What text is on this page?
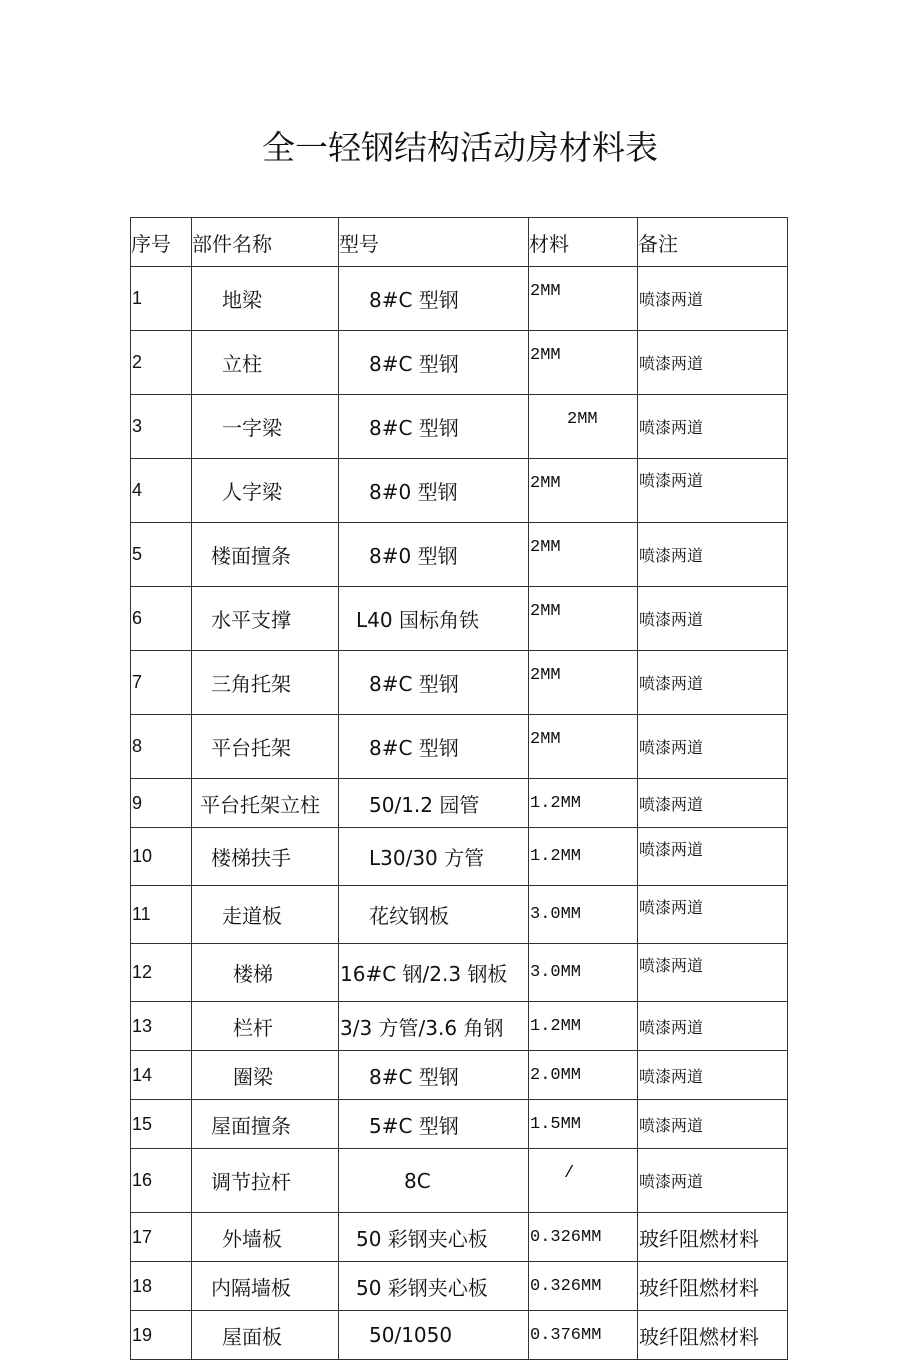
全一轻钢结构活动房材料表
序号	部件名称	型号	材料	备注
1	地梁	8#C 型钢	2MM	喷漆两道
2	立柱	8#C 型钢	2MM	喷漆两道
3	一字梁	8#C 型钢	2MM	喷漆两道
4	人字梁	8#0 型钢	2MM	喷漆两道
5	楼面擅条	8#0 型钢	2MM	喷漆两道
6	水平支撑	L40 国标角铁	2MM	喷漆两道
7	三角托架	8#C 型钢	2MM	喷漆两道
8	平台托架	8#C 型钢	2MM	喷漆两道
9	平台托架立柱	50/1.2 园管	1.2MM	喷漆两道
10	楼梯扶手	L30/30 方管	1.2MM	喷漆两道
11	走道板	花纹钢板	3.0MM	喷漆两道
12	楼梯	16#C 钢/2.3 钢板	3.0MM	喷漆两道
13	栏杆	3/3 方管/3.6 角钢	1.2MM	喷漆两道
14	圈梁	8#C 型钢	2.0MM	喷漆两道
15	屋面擅条	5#C 型钢	1.5MM	喷漆两道
16	调节拉杆	8C	/	喷漆两道
17	外墙板	50 彩钢夹心板	0.326MM	玻纤阻燃材料
18	内隔墙板	50 彩钢夹心板	0.326MM	玻纤阻燃材料
19	屋面板	50/1050	0.376MM	玻纤阻燃材料
